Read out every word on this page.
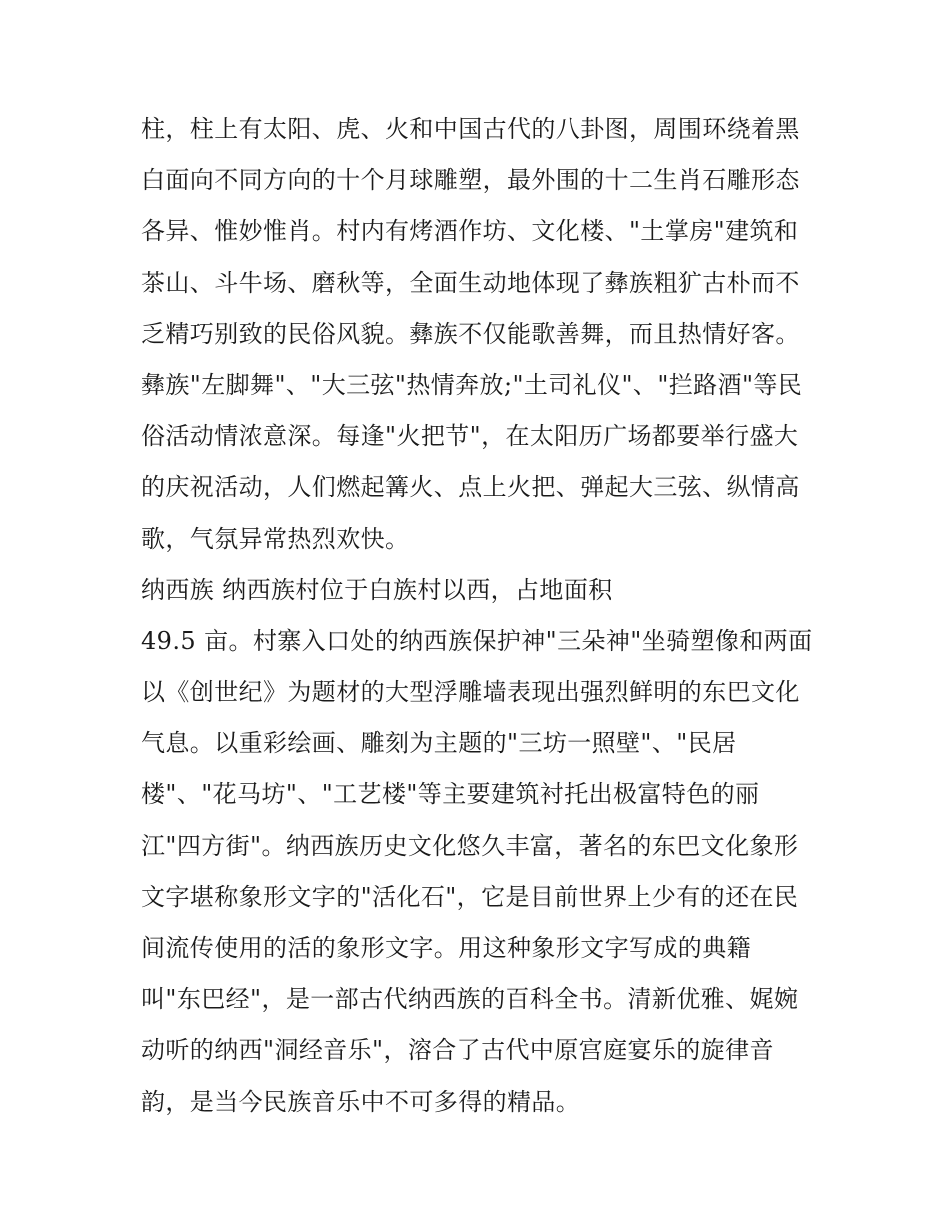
柱，柱上有太阳、虎、火和中国古代的八卦图，周围环绕着黑
白面向不同方向的十个月球雕塑，最外围的十二生肖石雕形态
各异、惟妙惟肖。村内有烤酒作坊、文化楼、"土掌房"建筑和
茶山、斗牛场、磨秋等，全面生动地体现了彝族粗犷古朴而不
乏精巧别致的民俗风貌。彝族不仅能歌善舞，而且热情好客。
彝族"左脚舞"、"大三弦"热情奔放;"土司礼仪"、"拦路酒"等民
俗活动情浓意深。每逢"火把节"，在太阳历广场都要举行盛大
的庆祝活动，人们燃起篝火、点上火把、弹起大三弦、纵情高
歌，气氛异常热烈欢快。
纳西族 纳西族村位于白族村以西，占地面积
49.5 亩。村寨入口处的纳西族保护神"三朵神"坐骑塑像和两面
以《创世纪》为题材的大型浮雕墙表现出强烈鲜明的东巴文化
气息。以重彩绘画、雕刻为主题的"三坊一照壁"、"民居
楼"、"花马坊"、"工艺楼"等主要建筑衬托出极富特色的丽
江"四方街"。纳西族历史文化悠久丰富，著名的东巴文化象形
文字堪称象形文字的"活化石"，它是目前世界上少有的还在民
间流传使用的活的象形文字。用这种象形文字写成的典籍
叫"东巴经"，是一部古代纳西族的百科全书。清新优雅、娓婉
动听的纳西"洞经音乐"，溶合了古代中原宫庭宴乐的旋律音
韵，是当今民族音乐中不可多得的精品。
